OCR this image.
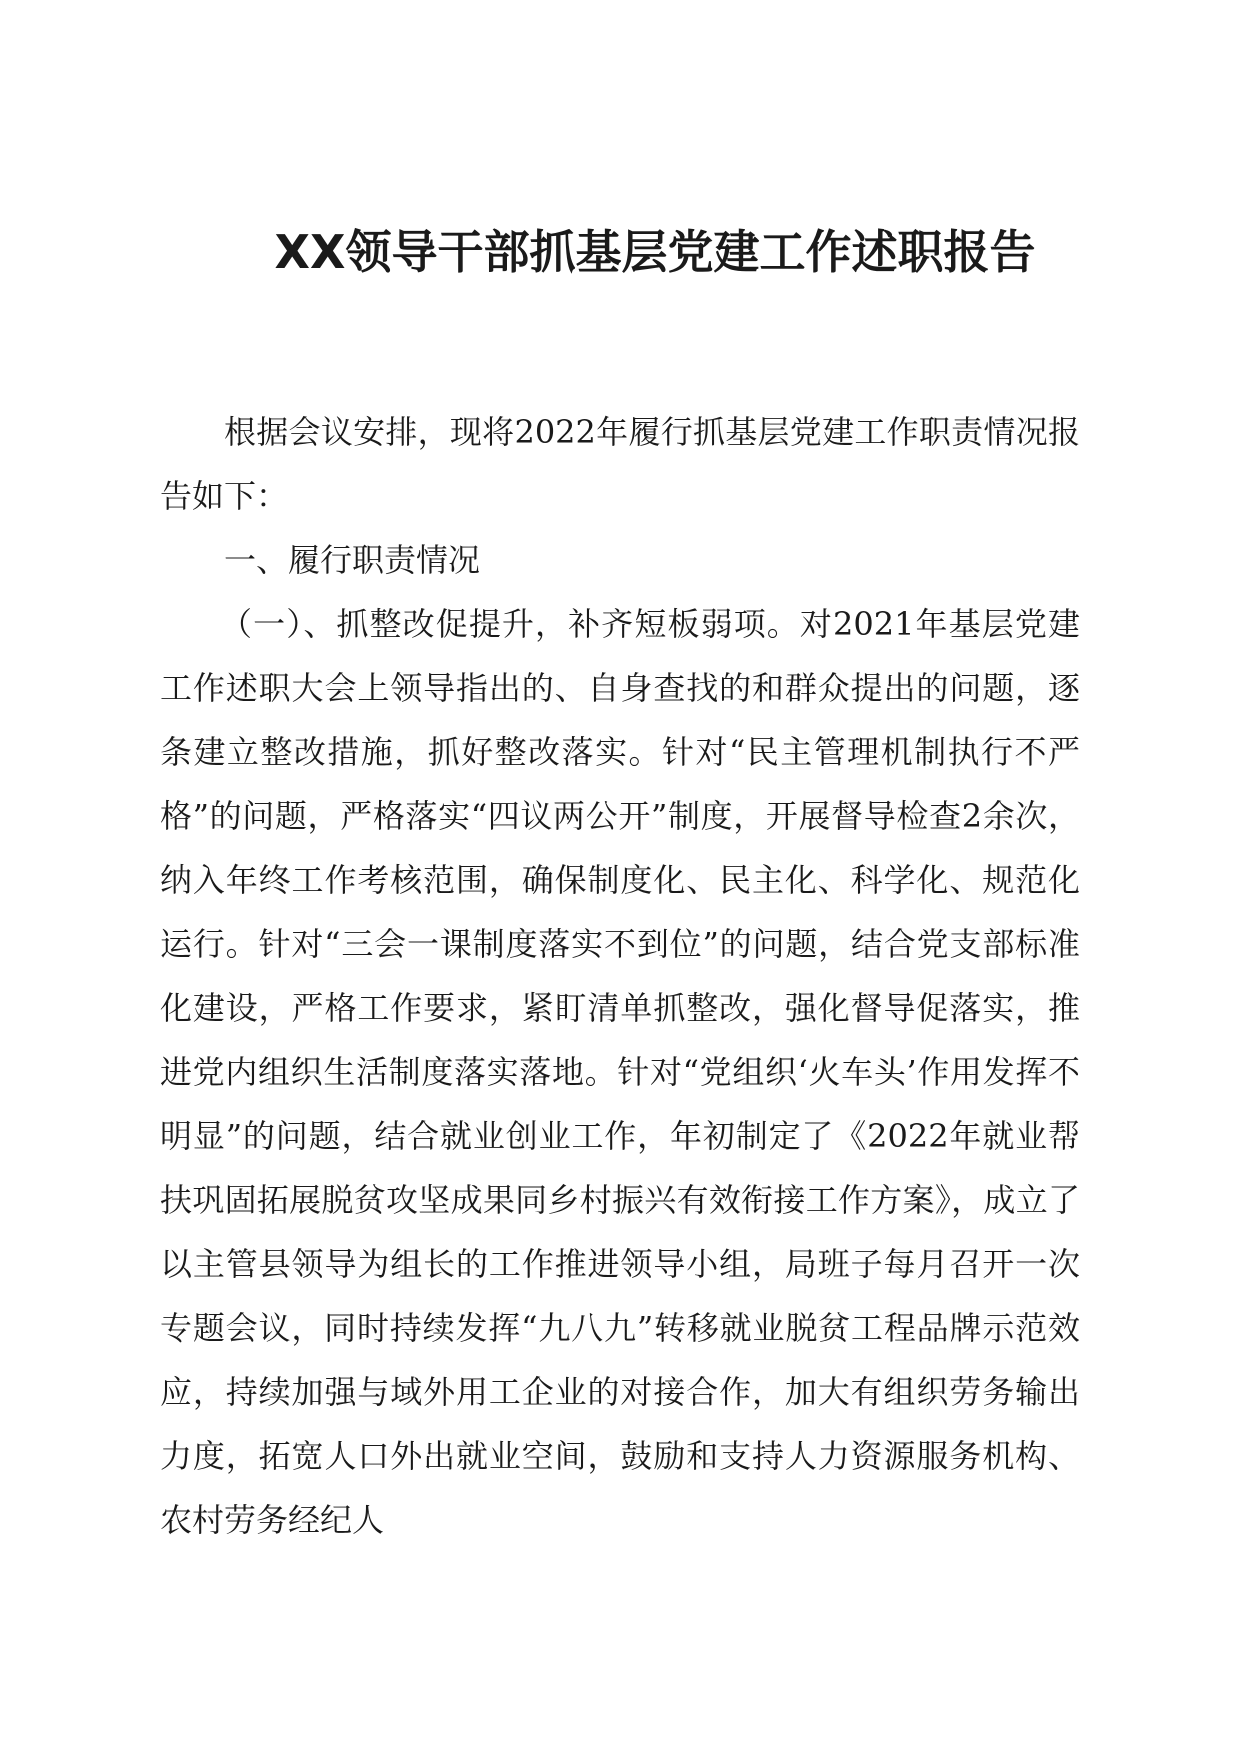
XX领导干部抓基层党建工作述职报告

根据会议安排，现将2022年履行抓基层党建工作职责情况报告如下：

一、履行职责情况

（一）、抓整改促提升，补齐短板弱项。对2021年基层党建工作述职大会上领导指出的、自身查找的和群众提出的问题，逐条建立整改措施，抓好整改落实。针对“民主管理机制执行不严格”的问题，严格落实“四议两公开”制度，开展督导检查2余次，纳入年终工作考核范围，确保制度化、民主化、科学化、规范化运行。针对“三会一课制度落实不到位”的问题，结合党支部标准化建设，严格工作要求，紧盯清单抓整改，强化督导促落实，推进党内组织生活制度落实落地。针对“党组织‘火车头’作用发挥不明显”的问题，结合就业创业工作，年初制定了《2022年就业帮扶巩固拓展脱贫攻坚成果同乡村振兴有效衔接工作方案》，成立了以主管县领导为组长的工作推进领导小组，局班子每月召开一次专题会议，同时持续发挥“九八九”转移就业脱贫工程品牌示范效应，持续加强与域外用工企业的对接合作，加大有组织劳务输出力度，拓宽人口外出就业空间，鼓励和支持人力资源服务机构、农村劳务经纪人
